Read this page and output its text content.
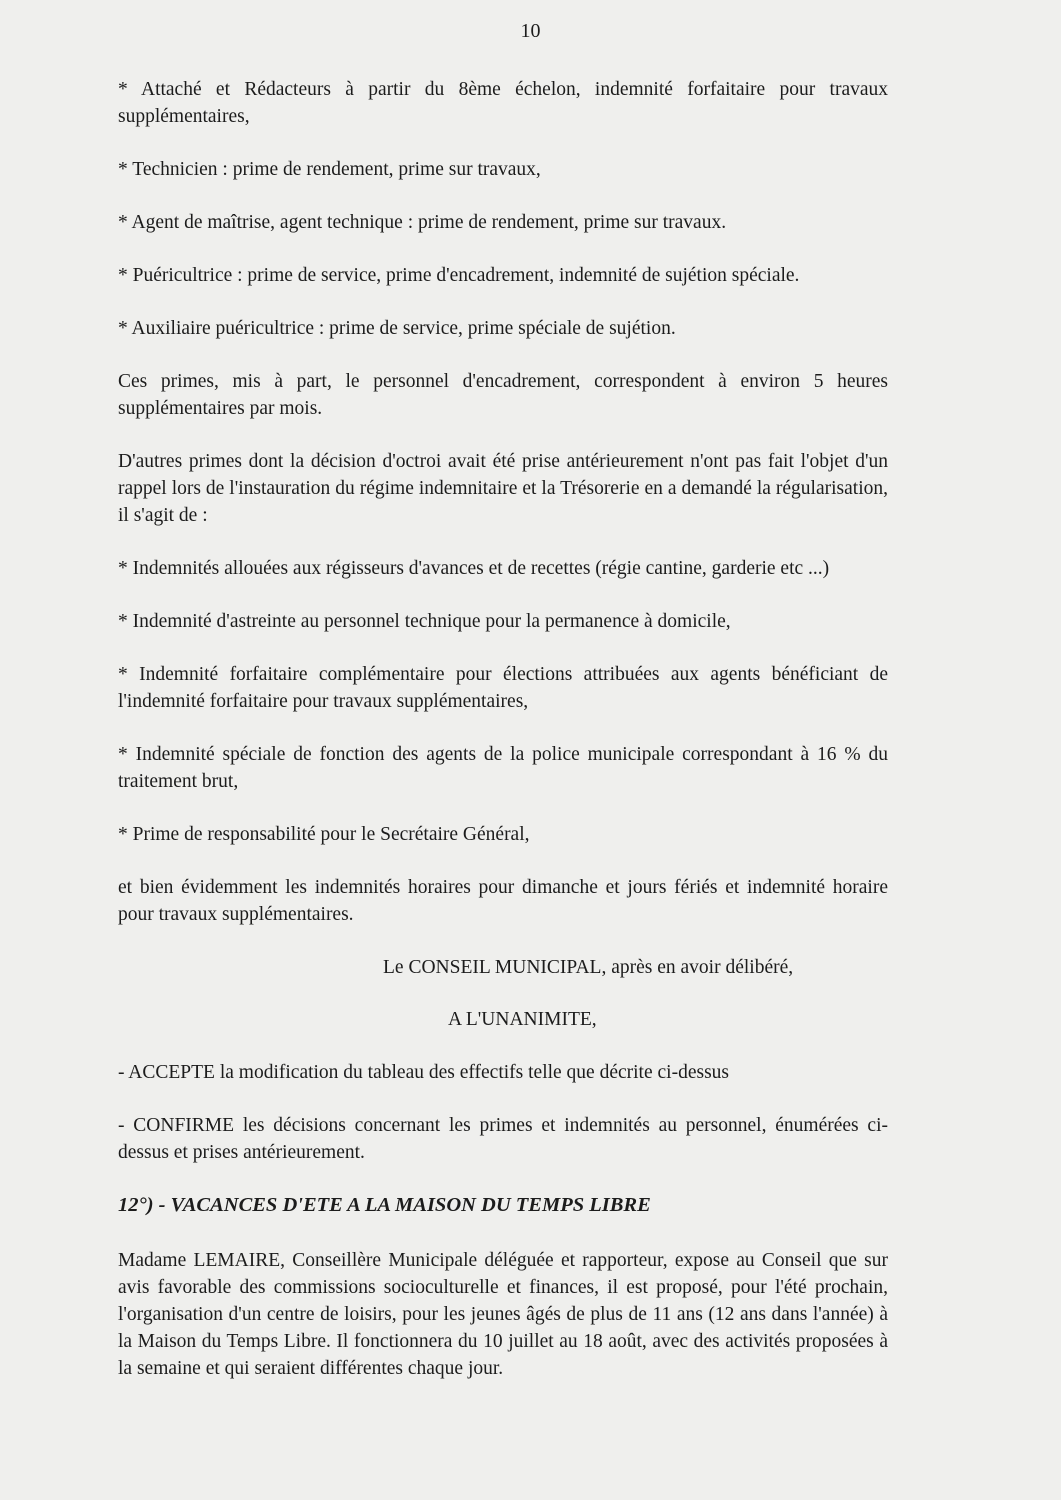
10

* Attaché et Rédacteurs à partir du 8ème échelon, indemnité forfaitaire pour travaux supplémentaires,

* Technicien : prime de rendement, prime sur travaux,

* Agent de maîtrise, agent technique : prime de rendement, prime sur travaux.

* Puéricultrice : prime de service, prime d'encadrement, indemnité de sujétion spéciale.

* Auxiliaire puéricultrice : prime de service, prime spéciale de sujétion.

Ces primes, mis à part, le personnel d'encadrement, correspondent à environ 5 heures supplémentaires par mois.

D'autres primes dont la décision d'octroi avait été prise antérieurement n'ont pas fait l'objet d'un rappel lors de l'instauration du régime indemnitaire et la Trésorerie en a demandé la régularisation, il s'agit de :

* Indemnités allouées aux régisseurs d'avances et de recettes (régie cantine, garderie etc ...)

* Indemnité d'astreinte au personnel technique pour la permanence à domicile,

* Indemnité forfaitaire complémentaire pour élections attribuées aux agents bénéficiant de l'indemnité forfaitaire pour travaux supplémentaires,

* Indemnité spéciale de fonction des agents de la police municipale correspondant à 16 % du traitement brut,

* Prime de responsabilité pour le Secrétaire Général,

et bien évidemment les indemnités horaires pour dimanche et jours fériés et indemnité horaire pour travaux supplémentaires.

Le CONSEIL MUNICIPAL, après en avoir délibéré,

A L'UNANIMITE,

- ACCEPTE la modification du tableau des effectifs telle que décrite ci-dessus

- CONFIRME les décisions concernant les primes et indemnités au personnel, énumérées ci-dessus et prises antérieurement.

12°) - VACANCES D'ETE A LA MAISON DU TEMPS LIBRE

Madame LEMAIRE, Conseillère Municipale déléguée et rapporteur, expose au Conseil que sur avis favorable des commissions socioculturelle et finances, il est proposé, pour l'été prochain, l'organisation d'un centre de loisirs, pour les jeunes âgés de plus de 11 ans (12 ans dans l'année) à la Maison du Temps Libre. Il fonctionnera du 10 juillet au 18 août, avec des activités proposées à la semaine et qui seraient différentes chaque jour.
